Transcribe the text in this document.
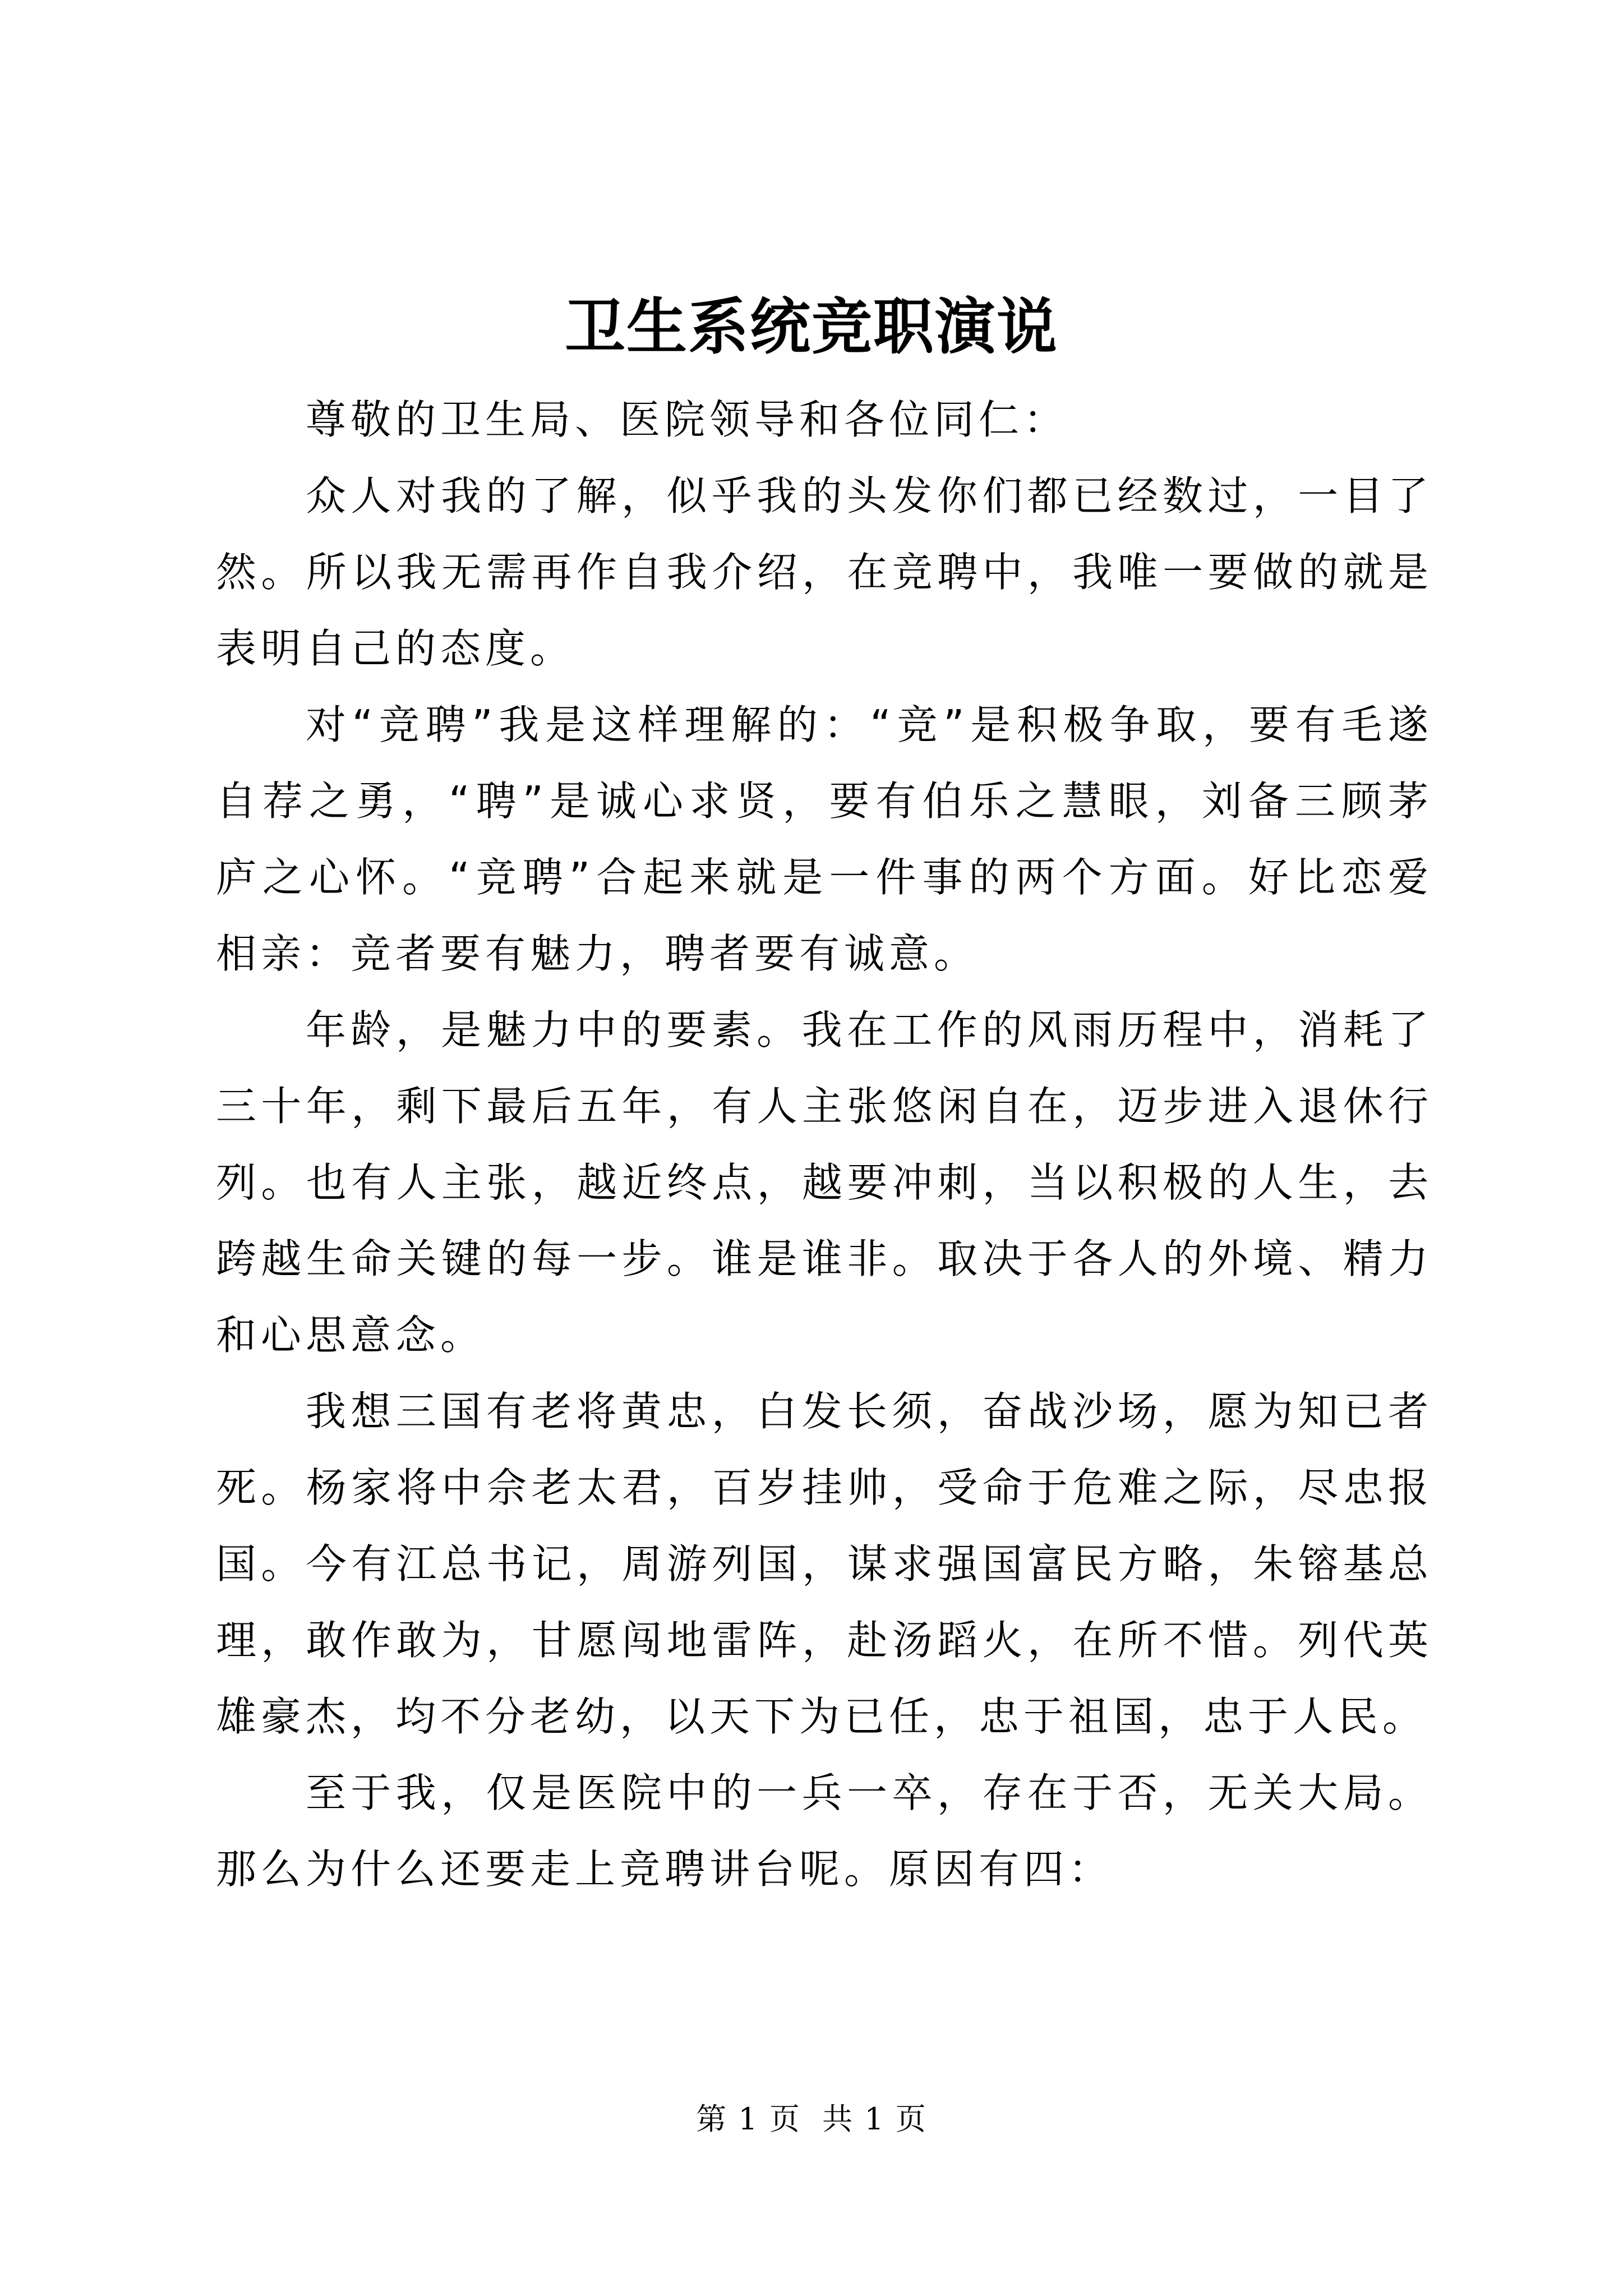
卫生系统竞职演说

尊敬的卫生局、医院领导和各位同仁：

众人对我的了解，似乎我的头发你们都已经数过，一目了然。所以我无需再作自我介绍，在竞聘中，我唯一要做的就是表明自己的态度。

对“竞聘”我是这样理解的：“竞”是积极争取，要有毛遂自荐之勇，“聘”是诚心求贤，要有伯乐之慧眼，刘备三顾茅庐之心怀。“竞聘”合起来就是一件事的两个方面。好比恋爱相亲：竞者要有魅力，聘者要有诚意。

年龄，是魅力中的要素。我在工作的风雨历程中，消耗了三十年，剩下最后五年，有人主张悠闲自在，迈步进入退休行列。也有人主张，越近终点，越要冲刺，当以积极的人生，去跨越生命关键的每一步。谁是谁非。取决于各人的外境、精力和心思意念。

我想三国有老将黄忠，白发长须，奋战沙场，愿为知已者死。杨家将中佘老太君，百岁挂帅，受命于危难之际，尽忠报国。今有江总书记，周游列国，谋求强国富民方略，朱镕基总理，敢作敢为，甘愿闯地雷阵，赴汤蹈火，在所不惜。列代英雄豪杰，均不分老幼，以天下为已任，忠于祖国，忠于人民。

至于我，仅是医院中的一兵一卒，存在于否，无关大局。那么为什么还要走上竞聘讲台呢。原因有四：

第 1 页  共 1 页
